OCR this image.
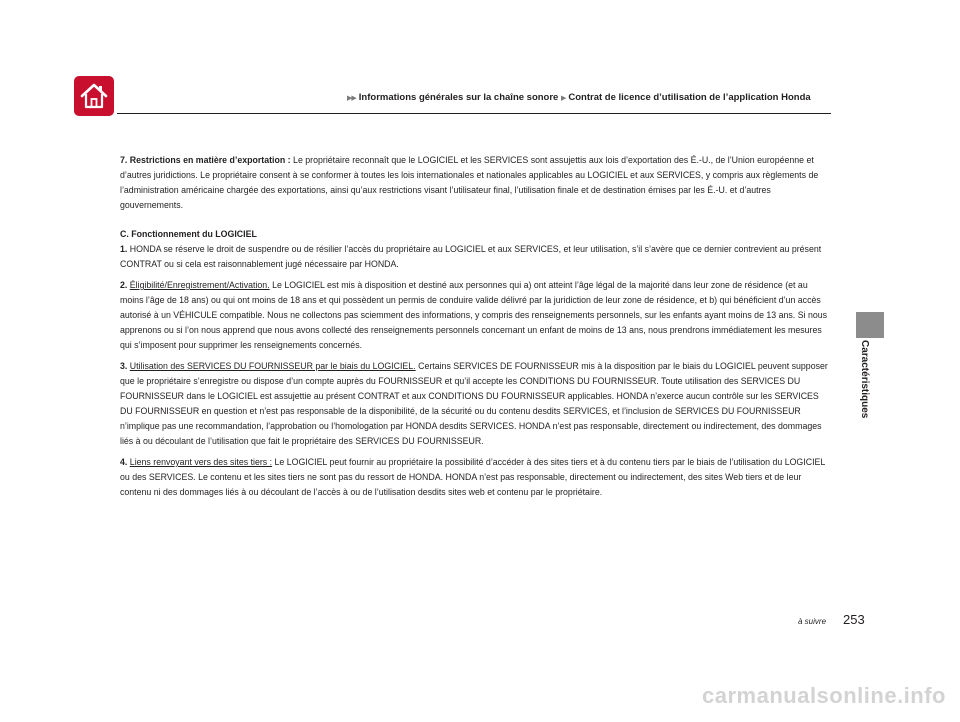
▶▶ Informations générales sur la chaîne sonore ▶ Contrat de licence d’utilisation de l’application Honda
Caractéristiques

7. Restrictions en matière d’exportation : Le propriétaire reconnaît que le LOGICIEL et les SERVICES sont assujettis aux lois d’exportation des É.-U., de l’Union européenne et d’autres juridictions. Le propriétaire consent à se conformer à toutes les lois internationales et nationales applicables au LOGICIEL et aux SERVICES, y compris aux règlements de l’administration américaine chargée des exportations, ainsi qu’aux restrictions visant l’utilisateur final, l’utilisation finale et de destination émises par les É.-U. et d’autres gouvernements.

C. Fonctionnement du LOGICIEL

1. HONDA se réserve le droit de suspendre ou de résilier l’accès du propriétaire au LOGICIEL et aux SERVICES, et leur utilisation, s’il s’avère que ce dernier contrevient au présent CONTRAT ou si cela est raisonnablement jugé nécessaire par HONDA.

2. Éligibilité/Enregistrement/Activation. Le LOGICIEL est mis à disposition et destiné aux personnes qui a) ont atteint l’âge légal de la majorité dans leur zone de résidence (et au moins l’âge de 18 ans) ou qui ont moins de 18 ans et qui possèdent un permis de conduire valide délivré par la juridiction de leur zone de résidence, et b) qui bénéficient d’un accès autorisé à un VÉHICULE compatible. Nous ne collectons pas sciemment des informations, y compris des renseignements personnels, sur les enfants ayant moins de 13 ans. Si nous apprenons ou si l’on nous apprend que nous avons collecté des renseignements personnels concernant un enfant de moins de 13 ans, nous prendrons immédiatement les mesures qui s’imposent pour supprimer les renseignements concernés.

3. Utilisation des SERVICES DU FOURNISSEUR par le biais du LOGICIEL. Certains SERVICES DE FOURNISSEUR mis à la disposition par le biais du LOGICIEL peuvent supposer que le propriétaire s’enregistre ou dispose d’un compte auprès du FOURNISSEUR et qu’il accepte les CONDITIONS DU FOURNISSEUR. Toute utilisation des SERVICES DU FOURNISSEUR dans le LOGICIEL est assujettie au présent CONTRAT et aux CONDITIONS DU FOURNISSEUR applicables. HONDA n’exerce aucun contrôle sur les SERVICES DU FOURNISSEUR en question et n’est pas responsable de la disponibilité, de la sécurité ou du contenu desdits SERVICES, et l’inclusion de SERVICES DU FOURNISSEUR n’implique pas une recommandation, l’approbation ou l’homologation par HONDA desdits SERVICES. HONDA n’est pas responsable, directement ou indirectement, des dommages liés à ou découlant de l’utilisation que fait le propriétaire des SERVICES DU FOURNISSEUR.

4. Liens renvoyant vers des sites tiers : Le LOGICIEL peut fournir au propriétaire la possibilité d’accéder à des sites tiers et à du contenu tiers par le biais de l’utilisation du LOGICIEL ou des SERVICES. Le contenu et les sites tiers ne sont pas du ressort de HONDA. HONDA n’est pas responsable, directement ou indirectement, des sites Web tiers et de leur contenu ni des dommages liés à ou découlant de l’accès à ou de l’utilisation desdits sites web et contenu par le propriétaire.

à suivre 253
carmanualsonline.info
